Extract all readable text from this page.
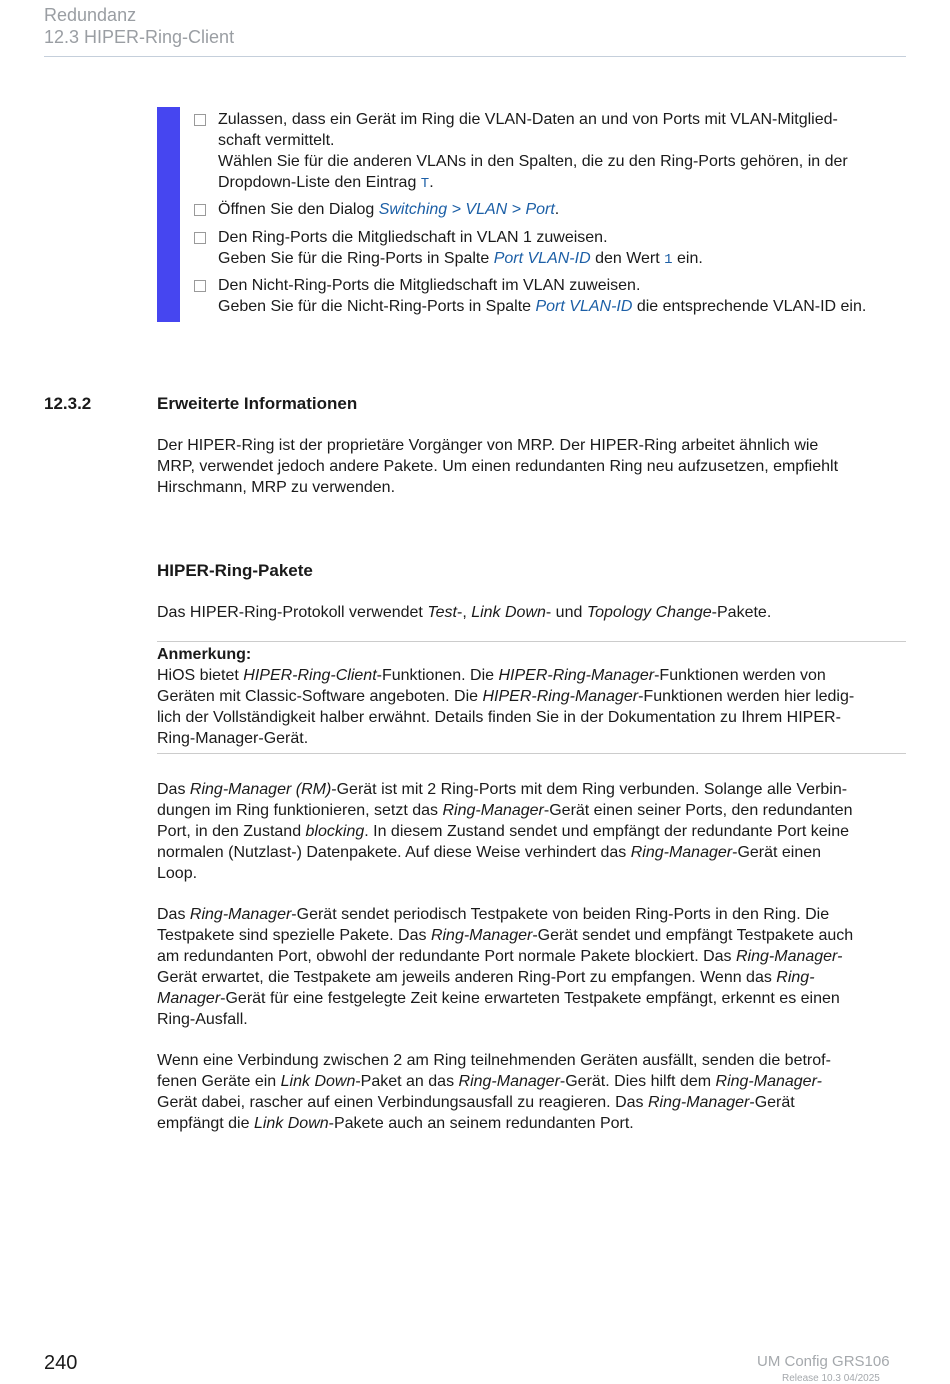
Redundanz
12.3 HIPER-Ring-Client
Zulassen, dass ein Gerät im Ring die VLAN-Daten an und von Ports mit VLAN-Mitglied-
schaft vermittelt.
Wählen Sie für die anderen VLANs in den Spalten, die zu den Ring-Ports gehören, in der
Dropdown-Liste den Eintrag T.
Öffnen Sie den Dialog Switching > VLAN > Port.
Den Ring-Ports die Mitgliedschaft in VLAN 1 zuweisen.
Geben Sie für die Ring-Ports in Spalte Port VLAN-ID den Wert 1 ein.
Den Nicht-Ring-Ports die Mitgliedschaft im VLAN zuweisen.
Geben Sie für die Nicht-Ring-Ports in Spalte Port VLAN-ID die entsprechende VLAN-ID ein.
12.3.2	Erweiterte Informationen
Der HIPER-Ring ist der proprietäre Vorgänger von MRP. Der HIPER-Ring arbeitet ähnlich wie
MRP, verwendet jedoch andere Pakete. Um einen redundanten Ring neu aufzusetzen, empfiehlt
Hirschmann, MRP zu verwenden.
HIPER-Ring-Pakete
Das HIPER-Ring-Protokoll verwendet Test-, Link Down- und Topology Change-Pakete.
Anmerkung:
HiOS bietet HIPER-Ring-Client-Funktionen. Die HIPER-Ring-Manager-Funktionen werden von
Geräten mit Classic-Software angeboten. Die HIPER-Ring-Manager-Funktionen werden hier ledig-
lich der Vollständigkeit halber erwähnt. Details finden Sie in der Dokumentation zu Ihrem HIPER-
Ring-Manager-Gerät.
Das Ring-Manager (RM)-Gerät ist mit 2 Ring-Ports mit dem Ring verbunden. Solange alle Verbin-
dungen im Ring funktionieren, setzt das Ring-Manager-Gerät einen seiner Ports, den redundanten
Port, in den Zustand blocking. In diesem Zustand sendet und empfängt der redundante Port keine
normalen (Nutzlast-) Datenpakete. Auf diese Weise verhindert das Ring-Manager-Gerät einen
Loop.
Das Ring-Manager-Gerät sendet periodisch Testpakete von beiden Ring-Ports in den Ring. Die
Testpakete sind spezielle Pakete. Das Ring-Manager-Gerät sendet und empfängt Testpakete auch
am redundanten Port, obwohl der redundante Port normale Pakete blockiert. Das Ring-Manager-
Gerät erwartet, die Testpakete am jeweils anderen Ring-Port zu empfangen. Wenn das Ring-
Manager-Gerät für eine festgelegte Zeit keine erwarteten Testpakete empfängt, erkennt es einen
Ring-Ausfall.
Wenn eine Verbindung zwischen 2 am Ring teilnehmenden Geräten ausfällt, senden die betrof-
fenen Geräte ein Link Down-Paket an das Ring-Manager-Gerät. Dies hilft dem Ring-Manager-
Gerät dabei, rascher auf einen Verbindungsausfall zu reagieren. Das Ring-Manager-Gerät
empfängt die Link Down-Pakete auch an seinem redundanten Port.
240	UM Config GRS106
Release 10.3 04/2025
